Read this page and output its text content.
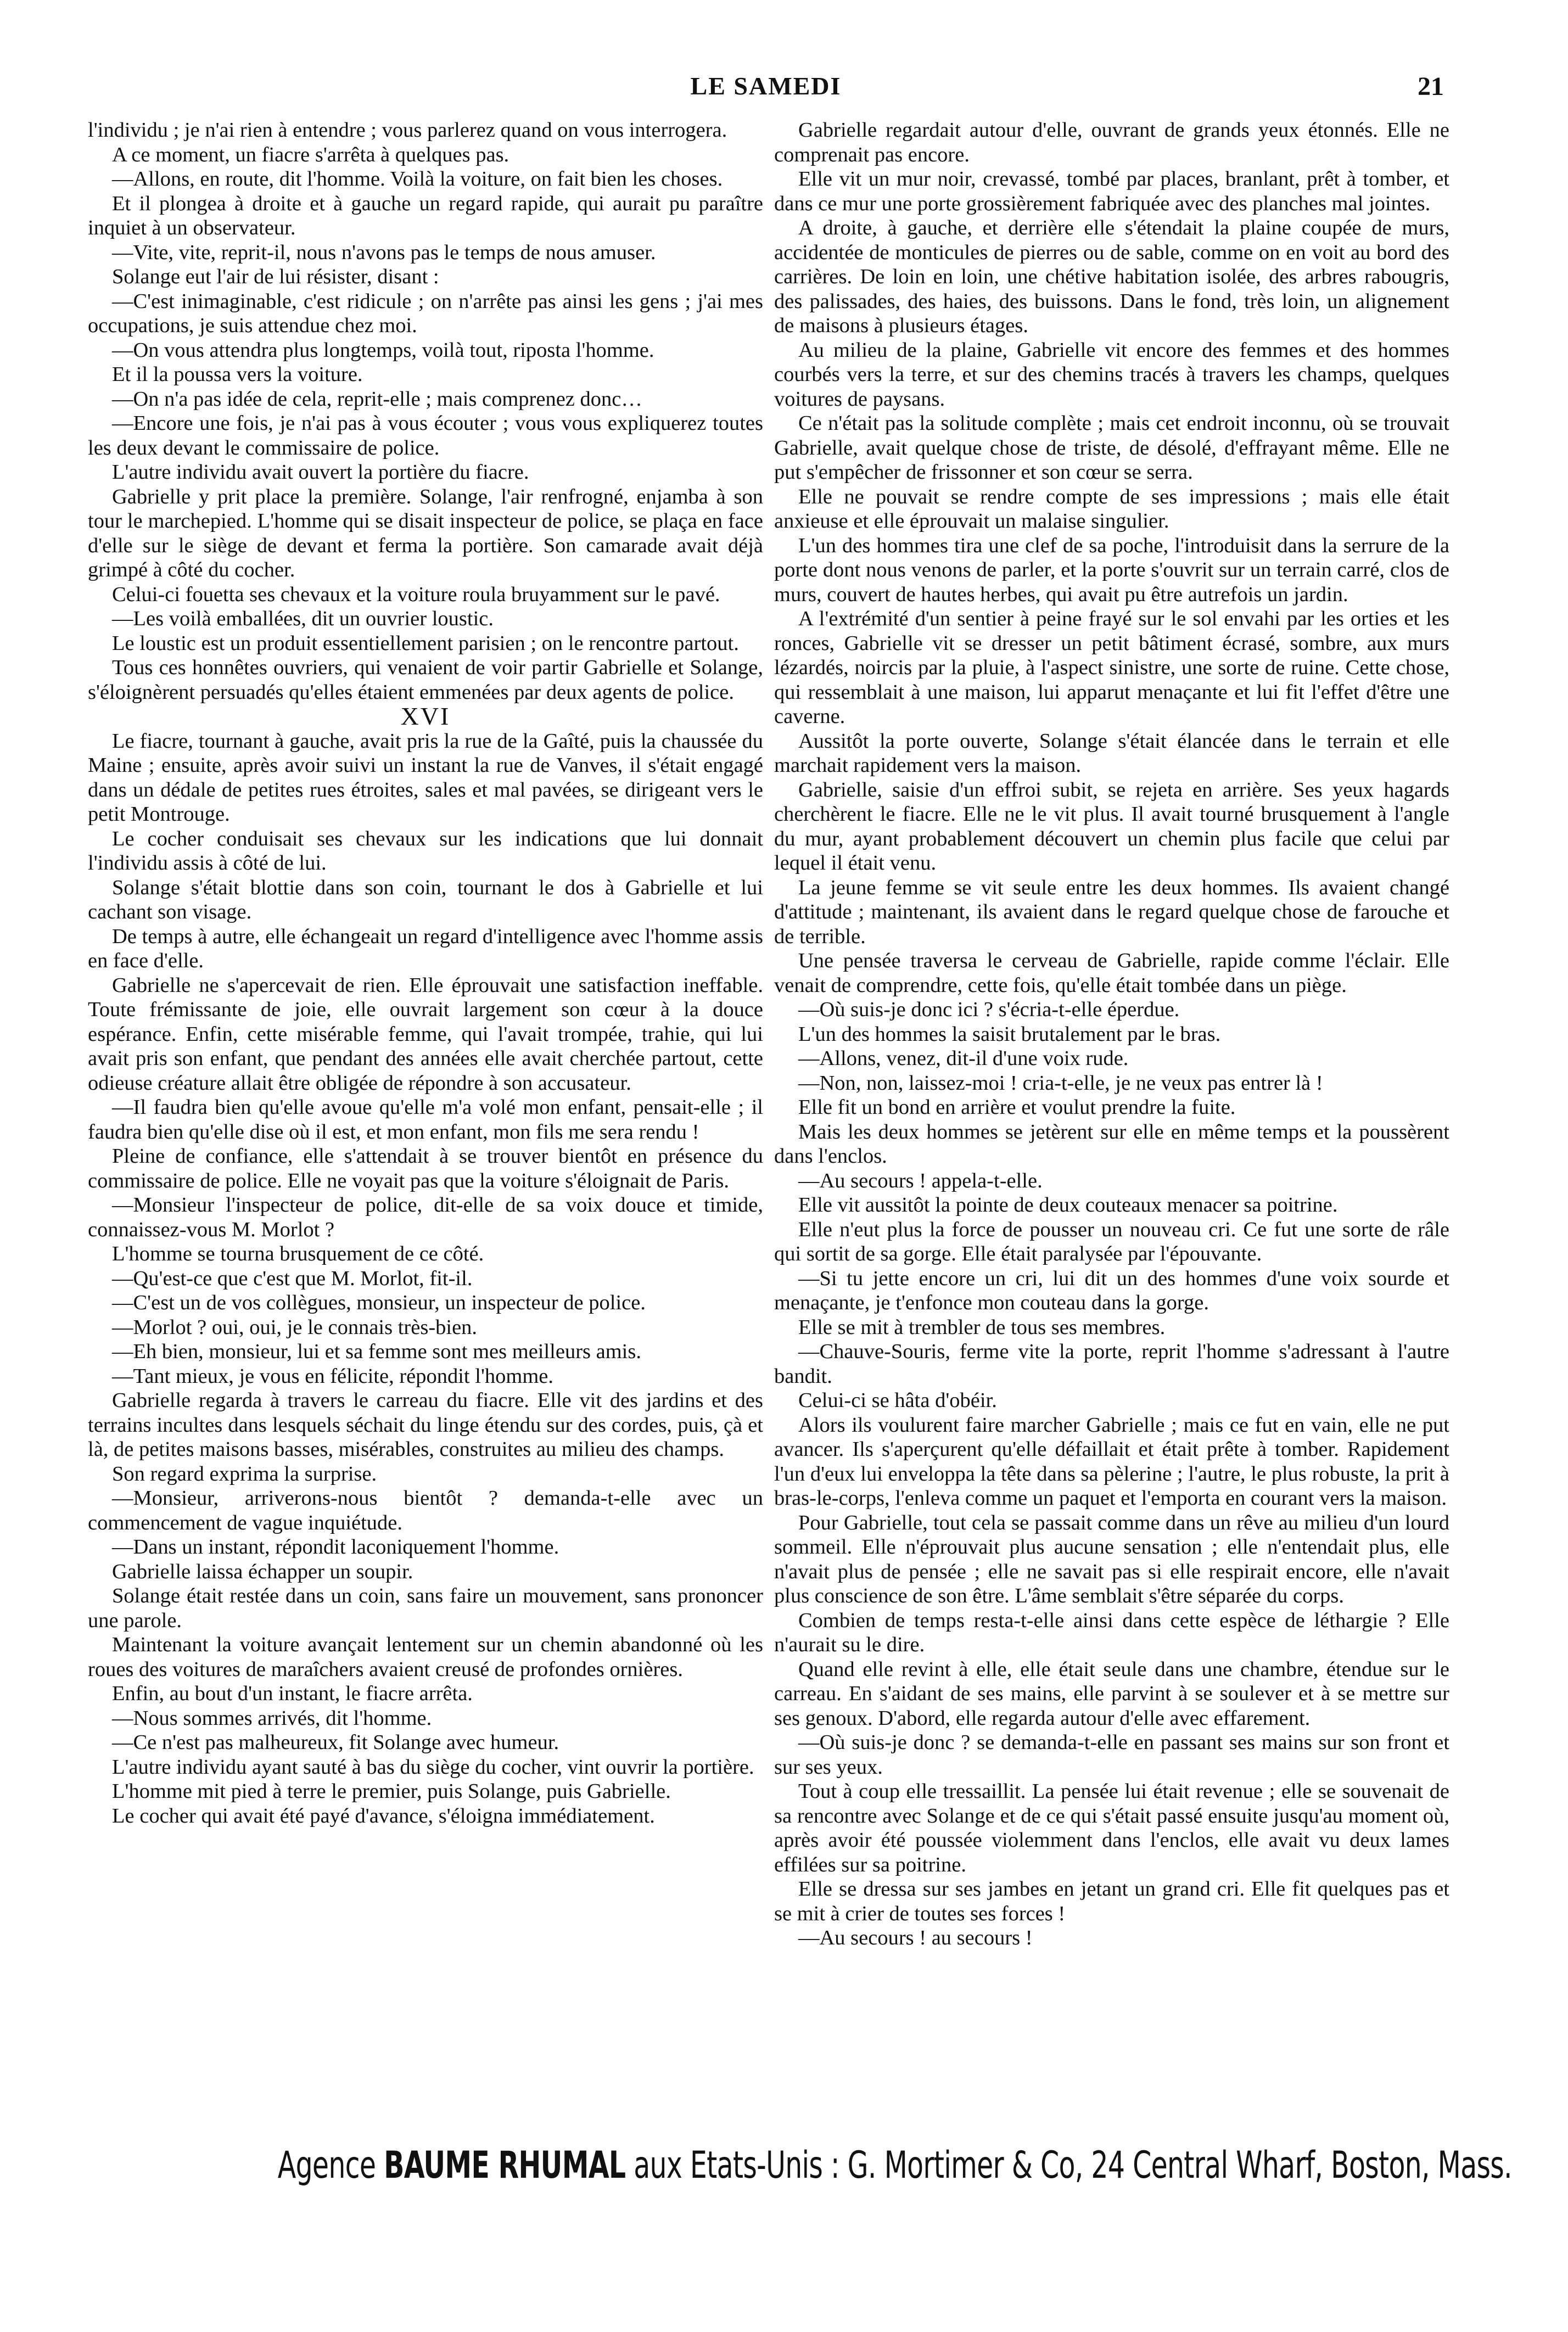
LE SAMEDI	21

l'individu ; je n'ai rien à entendre ; vous parlerez quand on vous interrogera.

A ce moment, un fiacre s'arrêta à quelques pas.

—Allons, en route, dit l'homme. Voilà la voiture, on fait bien les choses.

Et il plongea à droite et à gauche un regard rapide, qui aurait pu paraître inquiet à un observateur.

—Vite, vite, reprit-il, nous n'avons pas le temps de nous amuser.

Solange eut l'air de lui résister, disant :

—C'est inimaginable, c'est ridicule ; on n'arrête pas ainsi les gens ; j'ai mes occupations, je suis attendue chez moi.

—On vous attendra plus longtemps, voilà tout, riposta l'homme.

Et il la poussa vers la voiture.

—On n'a pas idée de cela, reprit-elle ; mais comprenez donc…

—Encore une fois, je n'ai pas à vous écouter ; vous vous expliquerez toutes les deux devant le commissaire de police.

L'autre individu avait ouvert la portière du fiacre.

Gabrielle y prit place la première. Solange, l'air renfrogné, enjamba à son tour le marchepied. L'homme qui se disait inspecteur de police, se plaça en face d'elle sur le siège de devant et ferma la portière. Son camarade avait déjà grimpé à côté du cocher.

Celui-ci fouetta ses chevaux et la voiture roula bruyamment sur le pavé.

—Les voilà emballées, dit un ouvrier loustic.

Le loustic est un produit essentiellement parisien ; on le rencontre partout.

Tous ces honnêtes ouvriers, qui venaient de voir partir Gabrielle et Solange, s'éloignèrent persuadés qu'elles étaient emmenées par deux agents de police.

XVI

Le fiacre, tournant à gauche, avait pris la rue de la Gaîté, puis la chaussée du Maine ; ensuite, après avoir suivi un instant la rue de Vanves, il s'était engagé dans un dédale de petites rues étroites, sales et mal pavées, se dirigeant vers le petit Montrouge.

Le cocher conduisait ses chevaux sur les indications que lui donnait l'individu assis à côté de lui.

Solange s'était blottie dans son coin, tournant le dos à Gabrielle et lui cachant son visage.

De temps à autre, elle échangeait un regard d'intelligence avec l'homme assis en face d'elle.

Gabrielle ne s'apercevait de rien. Elle éprouvait une satisfaction ineffable. Toute frémissante de joie, elle ouvrait largement son cœur à la douce espérance. Enfin, cette misérable femme, qui l'avait trompée, trahie, qui lui avait pris son enfant, que pendant des années elle avait cherchée partout, cette odieuse créature allait être obligée de répondre à son accusateur.

—Il faudra bien qu'elle avoue qu'elle m'a volé mon enfant, pensait-elle ; il faudra bien qu'elle dise où il est, et mon enfant, mon fils me sera rendu !

Pleine de confiance, elle s'attendait à se trouver bientôt en présence du commissaire de police. Elle ne voyait pas que la voiture s'éloignait de Paris.

—Monsieur l'inspecteur de police, dit-elle de sa voix douce et timide, connaissez-vous M. Morlot ?

L'homme se tourna brusquement de ce côté.

—Qu'est-ce que c'est que M. Morlot, fit-il.

—C'est un de vos collègues, monsieur, un inspecteur de police.

—Morlot ? oui, oui, je le connais très-bien.

—Eh bien, monsieur, lui et sa femme sont mes meilleurs amis.

—Tant mieux, je vous en félicite, répondit l'homme.

Gabrielle regarda à travers le carreau du fiacre. Elle vit des jardins et des terrains incultes dans lesquels séchait du linge étendu sur des cordes, puis, çà et là, de petites maisons basses, misérables, construites au milieu des champs.

Son regard exprima la surprise.

—Monsieur, arriverons-nous bientôt ? demanda-t-elle avec un commencement de vague inquiétude.

—Dans un instant, répondit laconiquement l'homme.

Gabrielle laissa échapper un soupir.

Solange était restée dans un coin, sans faire un mouvement, sans prononcer une parole.

Maintenant la voiture avançait lentement sur un chemin abandonné où les roues des voitures de maraîchers avaient creusé de profondes ornières.

Enfin, au bout d'un instant, le fiacre arrêta.

—Nous sommes arrivés, dit l'homme.

—Ce n'est pas malheureux, fit Solange avec humeur.

L'autre individu ayant sauté à bas du siège du cocher, vint ouvrir la portière.

L'homme mit pied à terre le premier, puis Solange, puis Gabrielle.

Le cocher qui avait été payé d'avance, s'éloigna immédiatement.

Gabrielle regardait autour d'elle, ouvrant de grands yeux étonnés. Elle ne comprenait pas encore.

Elle vit un mur noir, crevassé, tombé par places, branlant, prêt à tomber, et dans ce mur une porte grossièrement fabriquée avec des planches mal jointes.

A droite, à gauche, et derrière elle s'étendait la plaine coupée de murs, accidentée de monticules de pierres ou de sable, comme on en voit au bord des carrières. De loin en loin, une chétive habitation isolée, des arbres rabougris, des palissades, des haies, des buissons. Dans le fond, très loin, un alignement de maisons à plusieurs étages.

Au milieu de la plaine, Gabrielle vit encore des femmes et des hommes courbés vers la terre, et sur des chemins tracés à travers les champs, quelques voitures de paysans.

Ce n'était pas la solitude complète ; mais cet endroit inconnu, où se trouvait Gabrielle, avait quelque chose de triste, de désolé, d'effrayant même. Elle ne put s'empêcher de frissonner et son cœur se serra.

Elle ne pouvait se rendre compte de ses impressions ; mais elle était anxieuse et elle éprouvait un malaise singulier.

L'un des hommes tira une clef de sa poche, l'introduisit dans la serrure de la porte dont nous venons de parler, et la porte s'ouvrit sur un terrain carré, clos de murs, couvert de hautes herbes, qui avait pu être autrefois un jardin.

A l'extrémité d'un sentier à peine frayé sur le sol envahi par les orties et les ronces, Gabrielle vit se dresser un petit bâtiment écrasé, sombre, aux murs lézardés, noircis par la pluie, à l'aspect sinistre, une sorte de ruine. Cette chose, qui ressemblait à une maison, lui apparut menaçante et lui fit l'effet d'être une caverne.

Aussitôt la porte ouverte, Solange s'était élancée dans le terrain et elle marchait rapidement vers la maison.

Gabrielle, saisie d'un effroi subit, se rejeta en arrière. Ses yeux hagards cherchèrent le fiacre. Elle ne le vit plus. Il avait tourné brusquement à l'angle du mur, ayant probablement découvert un chemin plus facile que celui par lequel il était venu.

La jeune femme se vit seule entre les deux hommes. Ils avaient changé d'attitude ; maintenant, ils avaient dans le regard quelque chose de farouche et de terrible.

Une pensée traversa le cerveau de Gabrielle, rapide comme l'éclair. Elle venait de comprendre, cette fois, qu'elle était tombée dans un piège.

—Où suis-je donc ici ? s'écria-t-elle éperdue.

L'un des hommes la saisit brutalement par le bras.

—Allons, venez, dit-il d'une voix rude.

—Non, non, laissez-moi ! cria-t-elle, je ne veux pas entrer là !

Elle fit un bond en arrière et voulut prendre la fuite.

Mais les deux hommes se jetèrent sur elle en même temps et la poussèrent dans l'enclos.

—Au secours ! appela-t-elle.

Elle vit aussitôt la pointe de deux couteaux menacer sa poitrine.

Elle n'eut plus la force de pousser un nouveau cri. Ce fut une sorte de râle qui sortit de sa gorge. Elle était paralysée par l'épouvante.

—Si tu jette encore un cri, lui dit un des hommes d'une voix sourde et menaçante, je t'enfonce mon couteau dans la gorge.

Elle se mit à trembler de tous ses membres.

—Chauve-Souris, ferme vite la porte, reprit l'homme s'adressant à l'autre bandit.

Celui-ci se hâta d'obéir.

Alors ils voulurent faire marcher Gabrielle ; mais ce fut en vain, elle ne put avancer. Ils s'aperçurent qu'elle défaillait et était prête à tomber. Rapidement l'un d'eux lui enveloppa la tête dans sa pèlerine ; l'autre, le plus robuste, la prit à bras-le-corps, l'enleva comme un paquet et l'emporta en courant vers la maison.

Pour Gabrielle, tout cela se passait comme dans un rêve au milieu d'un lourd sommeil. Elle n'éprouvait plus aucune sensation ; elle n'entendait plus, elle n'avait plus de pensée ; elle ne savait pas si elle respirait encore, elle n'avait plus conscience de son être. L'âme semblait s'être séparée du corps.

Combien de temps resta-t-elle ainsi dans cette espèce de léthargie ? Elle n'aurait su le dire.

Quand elle revint à elle, elle était seule dans une chambre, étendue sur le carreau. En s'aidant de ses mains, elle parvint à se soulever et à se mettre sur ses genoux. D'abord, elle regarda autour d'elle avec effarement.

—Où suis-je donc ? se demanda-t-elle en passant ses mains sur son front et sur ses yeux.

Tout à coup elle tressaillit. La pensée lui était revenue ; elle se souvenait de sa rencontre avec Solange et de ce qui s'était passé ensuite jusqu'au moment où, après avoir été poussée violemment dans l'enclos, elle avait vu deux lames effilées sur sa poitrine.

Elle se dressa sur ses jambes en jetant un grand cri. Elle fit quelques pas et se mit à crier de toutes ses forces !

—Au secours ! au secours !

Agence BAUME RHUMAL aux Etats-Unis : G. Mortimer & Co, 24 Central Wharf, Boston, Mass.
